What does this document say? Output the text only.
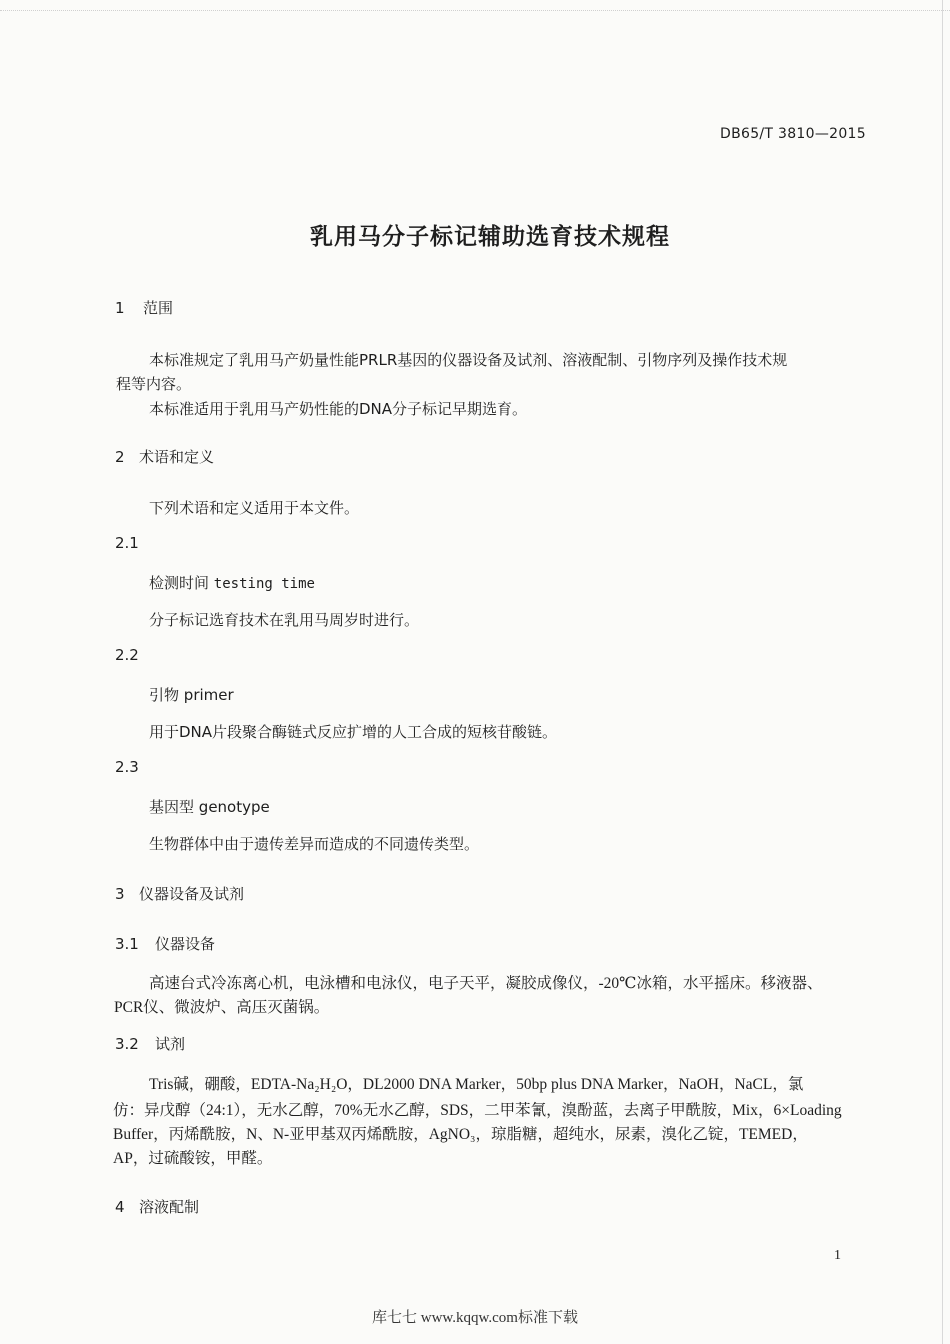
DB65/T 3810—2015
乳用马分子标记辅助选育技术规程
1 范围
本标准规定了乳用马产奶量性能PRLR基因的仪器设备及试剂、溶液配制、引物序列及操作技术规
程等内容。
本标准适用于乳用马产奶性能的DNA分子标记早期选育。
2 术语和定义
下列术语和定义适用于本文件。
2.1
检测时间 testing time
分子标记选育技术在乳用马周岁时进行。
2.2
引物 primer
用于DNA片段聚合酶链式反应扩增的人工合成的短核苷酸链。
2.3
基因型 genotype
生物群体中由于遗传差异而造成的不同遗传类型。
3 仪器设备及试剂
3.1 仪器设备
高速台式冷冻离心机，电泳槽和电泳仪，电子天平，凝胶成像仪，-20℃冰箱，水平摇床。移液器、
PCR仪、微波炉、高压灭菌锅。
3.2 试剂
Tris碱，硼酸，EDTA-Na₂H₂O，DL2000 DNA Marker，50bp plus DNA Marker，NaOH，NaCL，氯
仿：异戊醇（24:1），无水乙醇，70%无水乙醇，SDS，二甲苯氰，溴酚蓝，去离子甲酰胺，Mix，6×Loading
Buffer，丙烯酰胺，N、N-亚甲基双丙烯酰胺，AgNO₃，琼脂糖，超纯水，尿素，溴化乙锭，TEMED，
AP，过硫酸铵，甲醛。
4 溶液配制
1
库七七 www.kqqw.com标准下载
